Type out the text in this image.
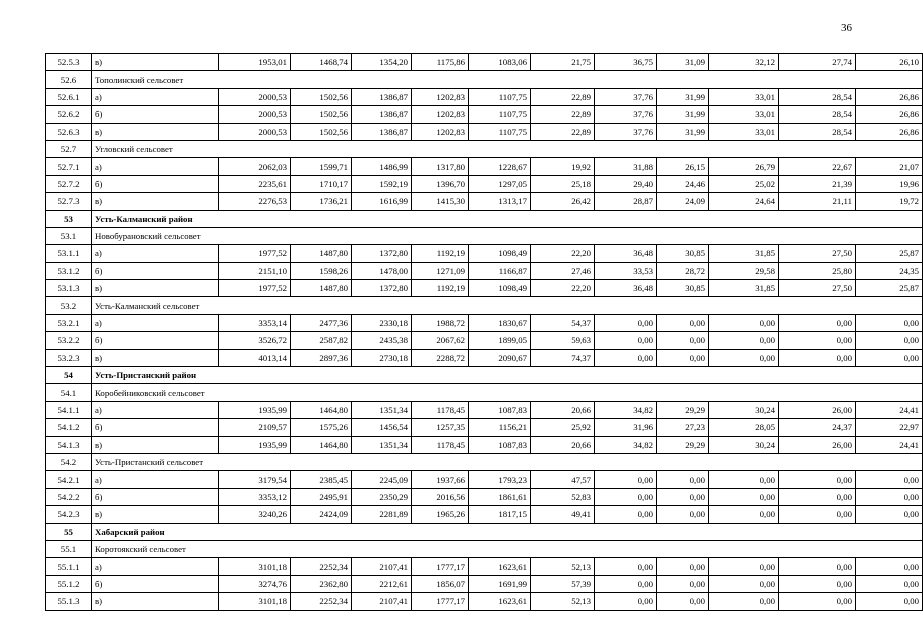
36
52.5.3	в)	1953,01	1468,74	1354,20	1175,86	1083,06	21,75	36,75	31,09	32,12	27,74	26,10
52.6	Тополинский сельсовет											
52.6.1	а)	2000,53	1502,56	1386,87	1202,83	1107,75	22,89	37,76	31,99	33,01	28,54	26,86
52.6.2	б)	2000,53	1502,56	1386,87	1202,83	1107,75	22,89	37,76	31,99	33,01	28,54	26,86
52.6.3	в)	2000,53	1502,56	1386,87	1202,83	1107,75	22,89	37,76	31,99	33,01	28,54	26,86
52.7	Угловский сельсовет											
52.7.1	а)	2062,03	1599,71	1486,99	1317,80	1228,67	19,92	31,88	26,15	26,79	22,67	21,07
52.7.2	б)	2235,61	1710,17	1592,19	1396,70	1297,05	25,18	29,40	24,46	25,02	21,39	19,96
52.7.3	в)	2276,53	1736,21	1616,99	1415,30	1313,17	26,42	28,87	24,09	24,64	21,11	19,72
53	Усть-Калманский район											
53.1	Новобурановский сельсовет											
53.1.1	а)	1977,52	1487,80	1372,80	1192,19	1098,49	22,20	36,48	30,85	31,85	27,50	25,87
53.1.2	б)	2151,10	1598,26	1478,00	1271,09	1166,87	27,46	33,53	28,72	29,58	25,80	24,35
53.1.3	в)	1977,52	1487,80	1372,80	1192,19	1098,49	22,20	36,48	30,85	31,85	27,50	25,87
53.2	Усть-Калманский сельсовет											
53.2.1	а)	3353,14	2477,36	2330,18	1988,72	1830,67	54,37	0,00	0,00	0,00	0,00	0,00
53.2.2	б)	3526,72	2587,82	2435,38	2067,62	1899,05	59,63	0,00	0,00	0,00	0,00	0,00
53.2.3	в)	4013,14	2897,36	2730,18	2288,72	2090,67	74,37	0,00	0,00	0,00	0,00	0,00
54	Усть-Пристанский район											
54.1	Коробейниковский сельсовет											
54.1.1	а)	1935,99	1464,80	1351,34	1178,45	1087,83	20,66	34,82	29,29	30,24	26,00	24,41
54.1.2	б)	2109,57	1575,26	1456,54	1257,35	1156,21	25,92	31,96	27,23	28,05	24,37	22,97
54.1.3	в)	1935,99	1464,80	1351,34	1178,45	1087,83	20,66	34,82	29,29	30,24	26,00	24,41
54.2	Усть-Пристанский сельсовет											
54.2.1	а)	3179,54	2385,45	2245,09	1937,66	1793,23	47,57	0,00	0,00	0,00	0,00	0,00
54.2.2	б)	3353,12	2495,91	2350,29	2016,56	1861,61	52,83	0,00	0,00	0,00	0,00	0,00
54.2.3	в)	3240,26	2424,09	2281,89	1965,26	1817,15	49,41	0,00	0,00	0,00	0,00	0,00
55	Хабарский район											
55.1	Коротоякский сельсовет											
55.1.1	а)	3101,18	2252,34	2107,41	1777,17	1623,61	52,13	0,00	0,00	0,00	0,00	0,00
55.1.2	б)	3274,76	2362,80	2212,61	1856,07	1691,99	57,39	0,00	0,00	0,00	0,00	0,00
55.1.3	в)	3101,18	2252,34	2107,41	1777,17	1623,61	52,13	0,00	0,00	0,00	0,00	0,00
